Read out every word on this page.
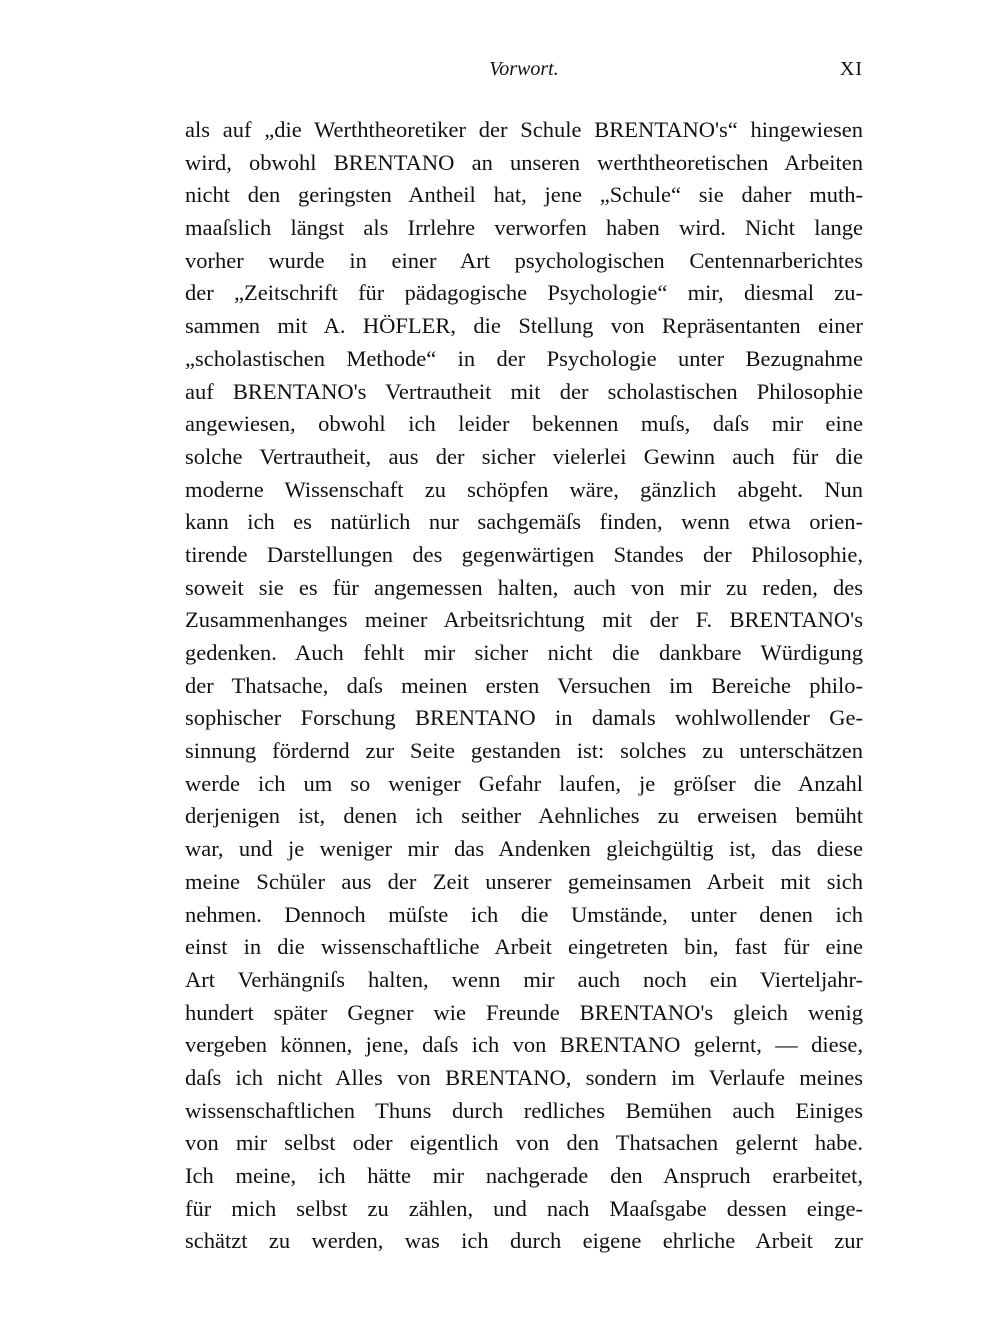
Vorwort.	XI
als auf „die Werththeoretiker der Schule BRENTANO's“ hingewiesen
wird, obwohl BRENTANO an unseren werththeoretischen Arbeiten
nicht den geringsten Antheil hat, jene „Schule“ sie daher muth-
maaſslich längst als Irrlehre verworfen haben wird. Nicht lange
vorher wurde in einer Art psychologischen Centennarberichtes
der „Zeitschrift für pädagogische Psychologie“ mir, diesmal zu-
sammen mit A. HÖFLER, die Stellung von Repräsentanten einer
„scholastischen Methode“ in der Psychologie unter Bezugnahme
auf BRENTANO's Vertrautheit mit der scholastischen Philosophie
angewiesen, obwohl ich leider bekennen muſs, daſs mir eine
solche Vertrautheit, aus der sicher vielerlei Gewinn auch für die
moderne Wissenschaft zu schöpfen wäre, gänzlich abgeht. Nun
kann ich es natürlich nur sachgemäſs finden, wenn etwa orien-
tirende Darstellungen des gegenwärtigen Standes der Philosophie,
soweit sie es für angemessen halten, auch von mir zu reden, des
Zusammenhanges meiner Arbeitsrichtung mit der F. BRENTANO's
gedenken. Auch fehlt mir sicher nicht die dankbare Würdigung
der Thatsache, daſs meinen ersten Versuchen im Bereiche philo-
sophischer Forschung BRENTANO in damals wohlwollender Ge-
sinnung fördernd zur Seite gestanden ist: solches zu unterschätzen
werde ich um so weniger Gefahr laufen, je gröſser die Anzahl
derjenigen ist, denen ich seither Aehnliches zu erweisen bemüht
war, und je weniger mir das Andenken gleichgültig ist, das diese
meine Schüler aus der Zeit unserer gemeinsamen Arbeit mit sich
nehmen. Dennoch müſste ich die Umstände, unter denen ich
einst in die wissenschaftliche Arbeit eingetreten bin, fast für eine
Art Verhängniſs halten, wenn mir auch noch ein Vierteljahr-
hundert später Gegner wie Freunde BRENTANO's gleich wenig
vergeben können, jene, daſs ich von BRENTANO gelernt, — diese,
daſs ich nicht Alles von BRENTANO, sondern im Verlaufe meines
wissenschaftlichen Thuns durch redliches Bemühen auch Einiges
von mir selbst oder eigentlich von den Thatsachen gelernt habe.
Ich meine, ich hätte mir nachgerade den Anspruch erarbeitet,
für mich selbst zu zählen, und nach Maaſsgabe dessen einge-
schätzt zu werden, was ich durch eigene ehrliche Arbeit zur
